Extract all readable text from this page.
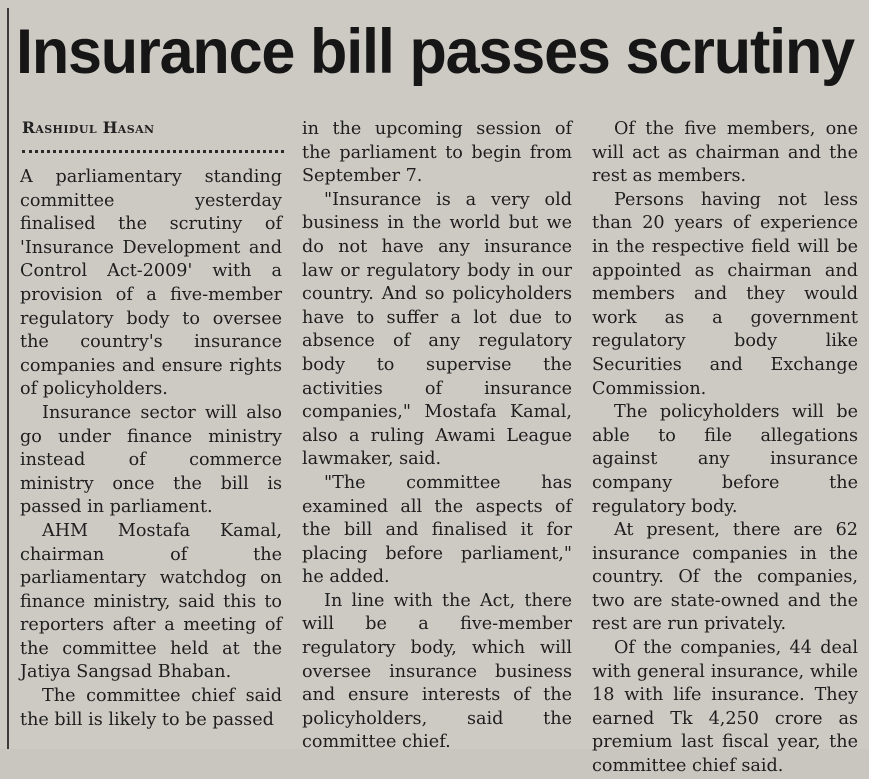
Insurance bill passes scrutiny
Rashidul Hasan

A parliamentary standing committee yesterday finalised the scrutiny of 'Insurance Development and Control Act-2009' with a provision of a five-member regulatory body to oversee the country's insurance companies and ensure rights of policyholders.

Insurance sector will also go under finance ministry instead of commerce ministry once the bill is passed in parliament.

AHM Mostafa Kamal, chairman of the parliamentary watchdog on finance ministry, said this to reporters after a meeting of the committee held at the Jatiya Sangsad Bhaban.

The committee chief said the bill is likely to be passed

in the upcoming session of the parliament to begin from September 7.

"Insurance is a very old business in the world but we do not have any insurance law or regulatory body in our country. And so policyholders have to suffer a lot due to absence of any regulatory body to supervise the activities of insurance companies," Mostafa Kamal, also a ruling Awami League lawmaker, said.

"The committee has examined all the aspects of the bill and finalised it for placing before parliament," he added.

In line with the Act, there will be a five-member regulatory body, which will oversee insurance business and ensure interests of the policyholders, said the committee chief.

Of the five members, one will act as chairman and the rest as members.

Persons having not less than 20 years of experience in the respective field will be appointed as chairman and members and they would work as a government regulatory body like Securities and Exchange Commission.

The policyholders will be able to file allegations against any insurance company before the regulatory body.

At present, there are 62 insurance companies in the country. Of the companies, two are state-owned and the rest are run privately.

Of the companies, 44 deal with general insurance, while 18 with life insurance. They earned Tk 4,250 crore as premium last fiscal year, the committee chief said.
